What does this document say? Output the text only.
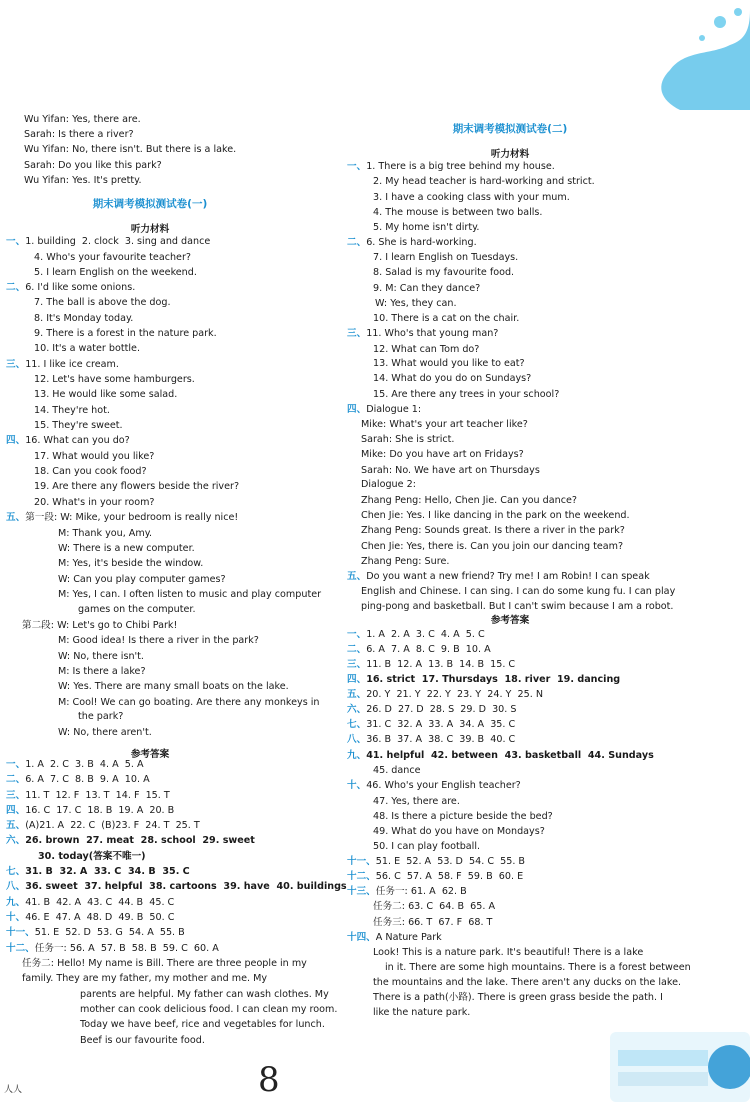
Wu Yifan: Yes, there are.
Sarah: Is there a river?
Wu Yifan: No, there isn't. But there is a lake.
Sarah: Do you like this park?
Wu Yifan: Yes. It's pretty.
期末调考模拟测试卷(一)
听力材料
一、1. building  2. clock  3. sing and dance
4. Who's your favourite teacher?
5. I learn English on the weekend.
二、6. I'd like some onions.
7. The ball is above the dog.
8. It's Monday today.
9. There is a forest in the nature park.
10. It's a water bottle.
三、11. I like ice cream.
12. Let's have some hamburgers.
13. He would like some salad.
14. They're hot.
15. They're sweet.
四、16. What can you do?
17. What would you like?
18. Can you cook food?
19. Are there any flowers beside the river?
20. What's in your room?
五、第一段: W: Mike, your bedroom is really nice!
M: Thank you, Amy.
W: There is a new computer.
M: Yes, it's beside the window.
W: Can you play computer games?
M: Yes, I can. I often listen to music and play computer
games on the computer.
第二段: W: Let's go to Chibi Park!
M: Good idea! Is there a river in the park?
W: No, there isn't.
M: Is there a lake?
W: Yes. There are many small boats on the lake.
M: Cool! We can go boating. Are there any monkeys in
the park?
W: No, there aren't.
参考答案
一、1. A  2. C  3. B  4. A  5. A
二、6. A  7. C  8. B  9. A  10. A
三、11. T  12. F  13. T  14. F  15. T
四、16. C  17. C  18. B  19. A  20. B
五、(A)21. A  22. C  (B)23. F  24. T  25. T
六、26. brown  27. meat  28. school  29. sweet
30. today(答案不唯一)
七、31. B  32. A  33. C  34. B  35. C
八、36. sweet  37. helpful  38. cartoons  39. have  40. buildings
九、41. B  42. A  43. C  44. B  45. C
十、46. E  47. A  48. D  49. B  50. C
十一、51. E  52. D  53. G  54. A  55. B
十二、任务一: 56. A  57. B  58. B  59. C  60. A
任务二: Hello! My name is Bill. There are three people in my
family. They are my father, my mother and me. My
parents are helpful. My father can wash clothes. My
mother can cook delicious food. I can clean my room.
Today we have beef, rice and vegetables for lunch.
Beef is our favourite food.
期末调考模拟测试卷(二)
听力材料
一、1. There is a big tree behind my house.
2. My head teacher is hard-working and strict.
3. I have a cooking class with your mum.
4. The mouse is between two balls.
5. My home isn't dirty.
二、6. She is hard-working.
7. I learn English on Tuesdays.
8. Salad is my favourite food.
9. M: Can they dance?
W: Yes, they can.
10. There is a cat on the chair.
三、11. Who's that young man?
12. What can Tom do?
13. What would you like to eat?
14. What do you do on Sundays?
15. Are there any trees in your school?
四、Dialogue 1:
Mike: What's your art teacher like?
Sarah: She is strict.
Mike: Do you have art on Fridays?
Sarah: No. We have art on Thursdays
Dialogue 2:
Zhang Peng: Hello, Chen Jie. Can you dance?
Chen Jie: Yes. I like dancing in the park on the weekend.
Zhang Peng: Sounds great. Is there a river in the park?
Chen Jie: Yes, there is. Can you join our dancing team?
Zhang Peng: Sure.
五、Do you want a new friend? Try me! I am Robin! I can speak
English and Chinese. I can sing. I can do some kung fu. I can play
ping-pong and basketball. But I can't swim because I am a robot.
参考答案
一、1. A  2. A  3. C  4. A  5. C
二、6. A  7. A  8. C  9. B  10. A
三、11. B  12. A  13. B  14. B  15. C
四、16. strict  17. Thursdays  18. river  19. dancing
五、20. Y  21. Y  22. Y  23. Y  24. Y  25. N
六、26. D  27. D  28. S  29. D  30. S
七、31. C  32. A  33. A  34. A  35. C
八、36. B  37. A  38. C  39. B  40. C
九、41. helpful  42. between  43. basketball  44. Sundays
45. dance
十、46. Who's your English teacher?
47. Yes, there are.
48. Is there a picture beside the bed?
49. What do you have on Mondays?
50. I can play football.
十一、51. E  52. A  53. D  54. C  55. B
十二、56. C  57. A  58. F  59. B  60. E
十三、任务一: 61. A  62. B
任务二: 63. C  64. B  65. A
任务三: 66. T  67. F  68. T
十四、A Nature Park
Look! This is a nature park. It's beautiful! There is a lake
in it. There are some high mountains. There is a forest between
the mountains and the lake. There aren't any ducks on the lake.
There is a path(小路). There is green grass beside the path. I
like the nature park.
8
人人
